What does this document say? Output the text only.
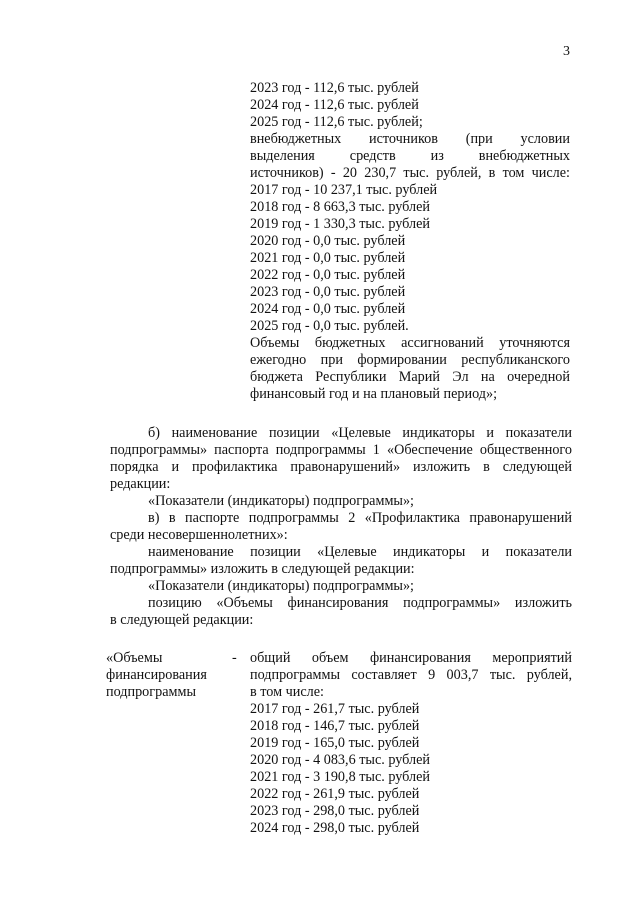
3
2023 год - 112,6 тыс. рублей
2024 год - 112,6 тыс. рублей
2025 год - 112,6 тыс. рублей;
внебюджетных источников (при условии
выделения средств из внебюджетных
источников) - 20 230,7 тыс. рублей, в том числе:
2017 год - 10 237,1 тыс. рублей
2018 год - 8 663,3 тыс. рублей
2019 год - 1 330,3 тыс. рублей
2020 год - 0,0 тыс. рублей
2021 год - 0,0 тыс. рублей
2022 год - 0,0 тыс. рублей
2023 год - 0,0 тыс. рублей
2024 год - 0,0 тыс. рублей
2025 год - 0,0 тыс. рублей.
Объемы бюджетных ассигнований уточняются
ежегодно при формировании республиканского
бюджета Республики Марий Эл на очередной
финансовый год и на плановый период»;
б) наименование позиции «Целевые индикаторы и показатели
подпрограммы» паспорта подпрограммы 1 «Обеспечение общественного
порядка и профилактика правонарушений» изложить в следующей
редакции:
«Показатели (индикаторы) подпрограммы»;
в) в паспорте подпрограммы 2 «Профилактика правонарушений
среди несовершеннолетних»:
наименование позиции «Целевые индикаторы и показатели
подпрограммы» изложить в следующей редакции:
«Показатели (индикаторы) подпрограммы»;
позицию «Объемы финансирования подпрограммы» изложить
в следующей редакции:
«Объемы
финансирования
подпрограммы
- общий объем финансирования мероприятий
подпрограммы составляет 9 003,7 тыс. рублей,
в том числе:
2017 год - 261,7 тыс. рублей
2018 год - 146,7 тыс. рублей
2019 год - 165,0 тыс. рублей
2020 год - 4 083,6 тыс. рублей
2021 год - 3 190,8 тыс. рублей
2022 год - 261,9 тыс. рублей
2023 год - 298,0 тыс. рублей
2024 год - 298,0 тыс. рублей
